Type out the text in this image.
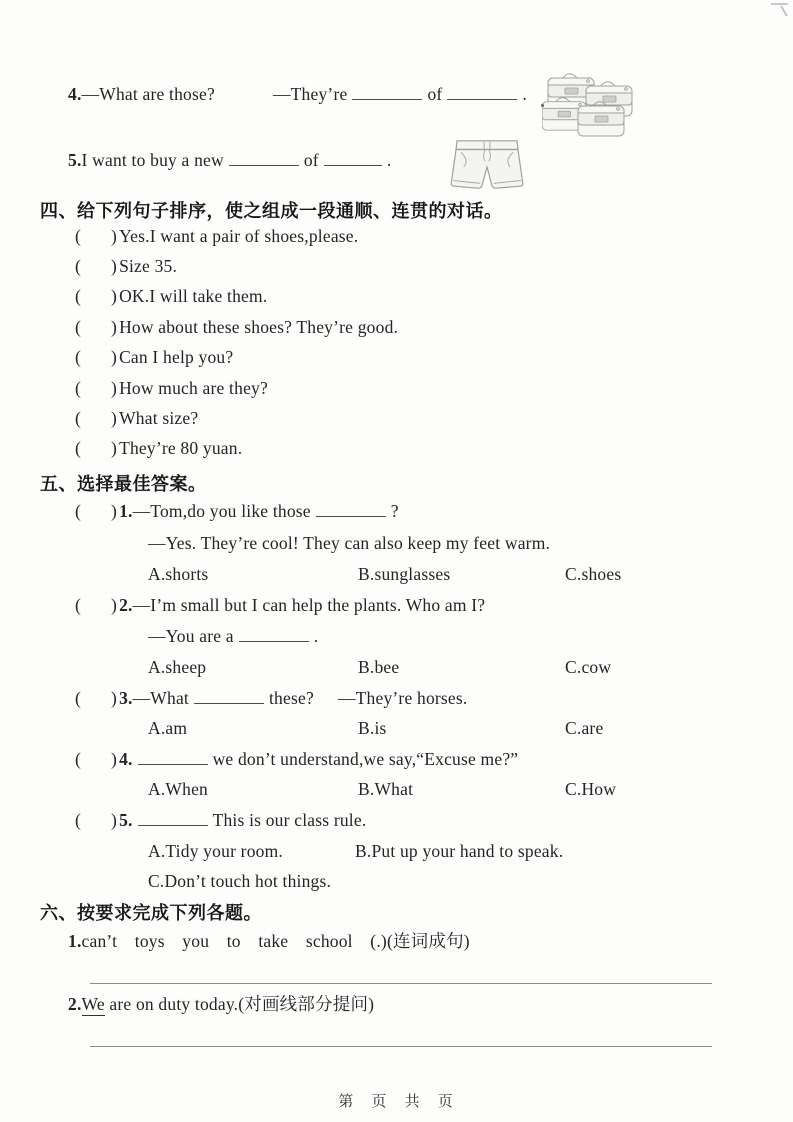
4.—What are those?	—They’re	of	.
5.I want to buy a new	of	.
四、给下列句子排序，使之组成一段通顺、连贯的对话。
( ) Yes.I want a pair of shoes,please.
( ) Size 35.
( ) OK.I will take them.
( ) How about these shoes? They’re good.
( ) Can I help you?
( ) How much are they?
( ) What size?
( ) They’re 80 yuan.
五、选择最佳答案。
( ) 1.—Tom,do you like those	?
—Yes. They’re cool! They can also keep my feet warm.
A.shorts	B.sunglasses	C.shoes
( ) 2.—I’m small but I can help the plants. Who am I?
—You are a	.
A.sheep	B.bee	C.cow
( ) 3.—What	these? —They’re horses.
A.am	B.is	C.are
( ) 4.	we don’t understand,we say,“Excuse me?”
A.When	B.What	C.How
( ) 5.	This is our class rule.
A.Tidy your room.	B.Put up your hand to speak.
C.Don’t touch hot things.
六、按要求完成下列各题。
1.can’t toys you to take school (.)(连词成句)
2.We are on duty today.(对画线部分提问)
第 页 共 页
